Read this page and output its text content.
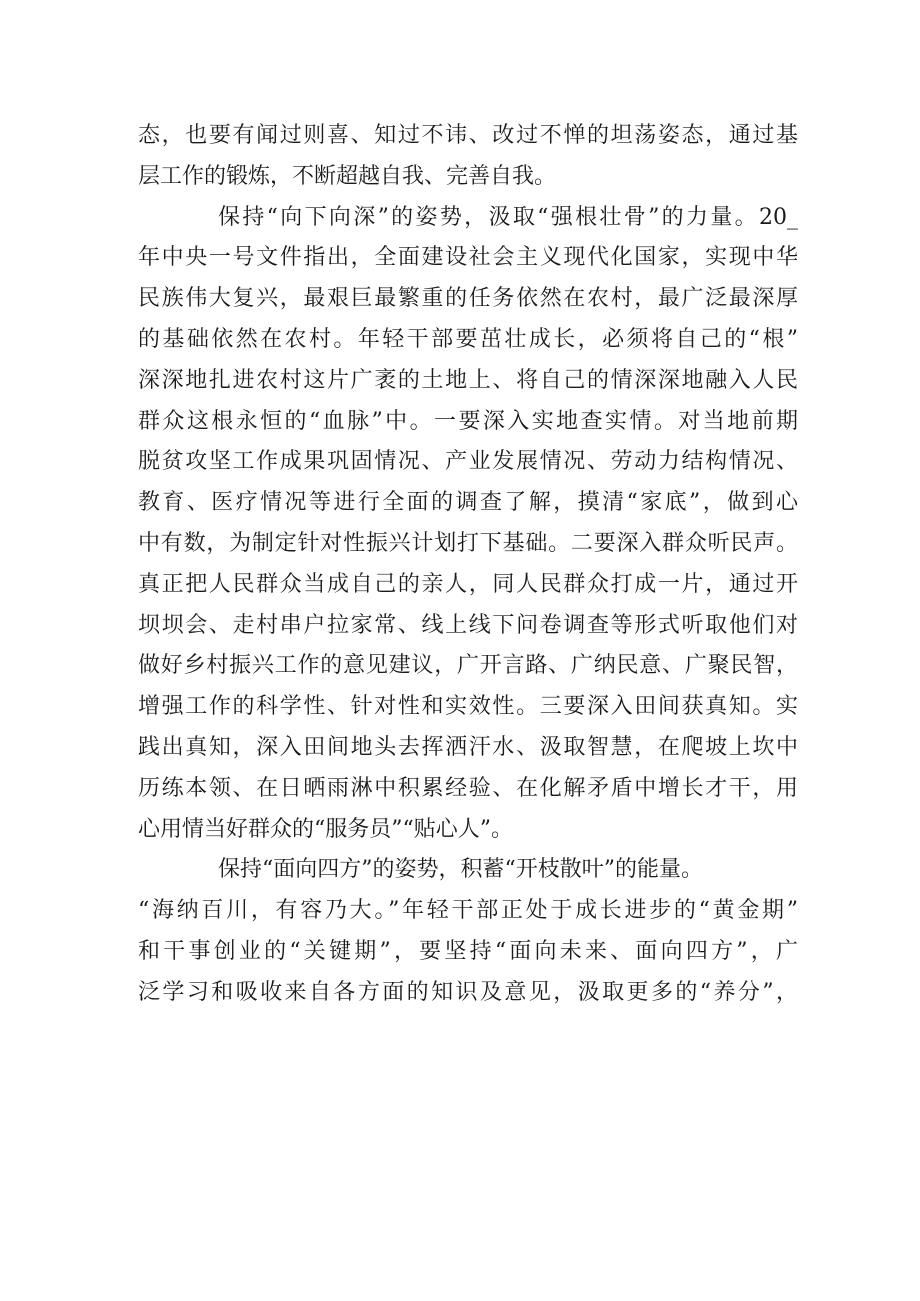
态，也要有闻过则喜、知过不讳、改过不惮的坦荡姿态，通过基
层工作的锻炼，不断超越自我、完善自我。
保持“向下向深”的姿势，汲取“强根壮骨”的力量。20_
年中央一号文件指出，全面建设社会主义现代化国家，实现中华
民族伟大复兴，最艰巨最繁重的任务依然在农村，最广泛最深厚
的基础依然在农村。年轻干部要茁壮成长，必须将自己的“根”
深深地扎进农村这片广袤的土地上、将自己的情深深地融入人民
群众这根永恒的“血脉”中。一要深入实地查实情。对当地前期
脱贫攻坚工作成果巩固情况、产业发展情况、劳动力结构情况、
教育、医疗情况等进行全面的调查了解，摸清“家底”，做到心
中有数，为制定针对性振兴计划打下基础。二要深入群众听民声。
真正把人民群众当成自己的亲人，同人民群众打成一片，通过开
坝坝会、走村串户拉家常、线上线下问卷调查等形式听取他们对
做好乡村振兴工作的意见建议，广开言路、广纳民意、广聚民智，
增强工作的科学性、针对性和实效性。三要深入田间获真知。实
践出真知，深入田间地头去挥洒汗水、汲取智慧，在爬坡上坎中
历练本领、在日晒雨淋中积累经验、在化解矛盾中增长才干，用
心用情当好群众的“服务员”“贴心人”。
保持“面向四方”的姿势，积蓄“开枝散叶”的能量。
“海纳百川，有容乃大。”年轻干部正处于成长进步的“黄金期”
和干事创业的“关键期”，要坚持“面向未来、面向四方”，广
泛学习和吸收来自各方面的知识及意见，汲取更多的“养分”，
